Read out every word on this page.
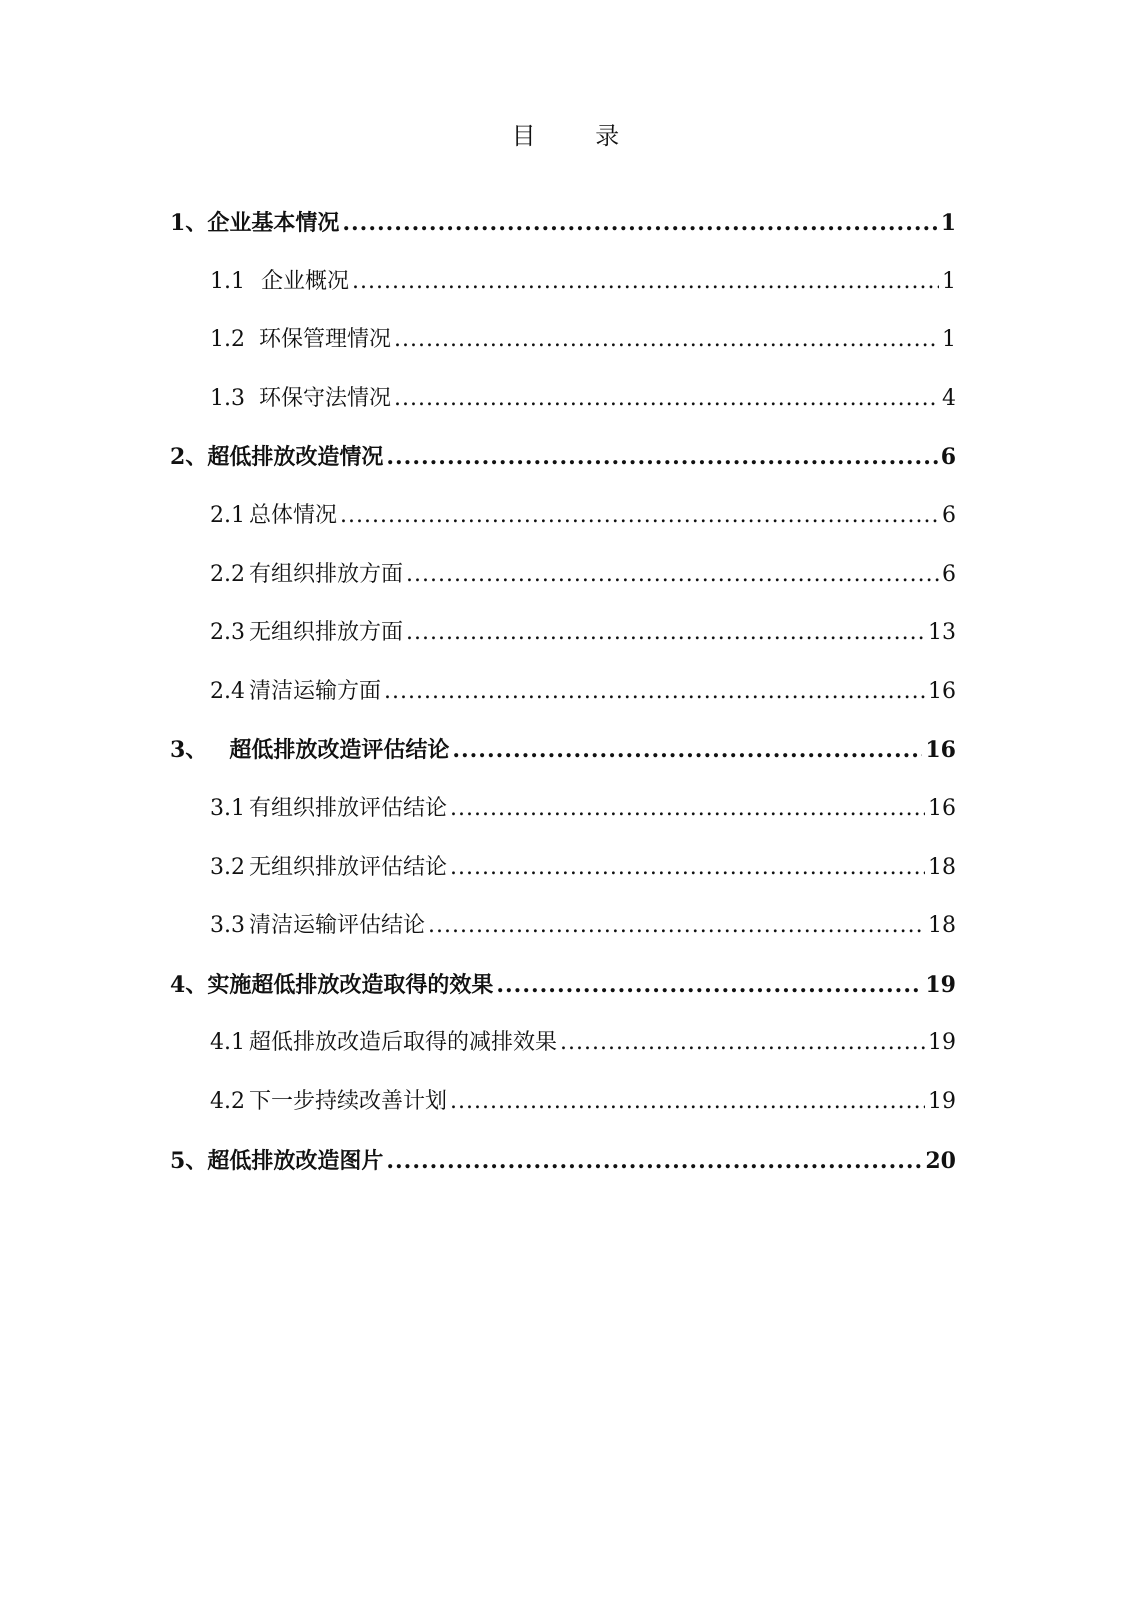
目 录
1 、 企业基本情况 .....	1
1.1 企业概况 .....	1
1.2 环保管理情况 .....	1
1.3 环保守法情况 .....	4
2 、 超低排放改造情况 .....	6
2.1 总体情况 .....	6
2.2 有组织排放方面 .....	6
2.3 无组织排放方面 .....	13
2.4 清洁运输方面 .....	16
3 、 超低排放改造评估结论 .....	16
3.1 有组织排放评估结论 .....	16
3.2 无组织排放评估结论 .....	18
3.3 清洁运输评估结论 .....	18
4 、 实施超低排放改造取得的效果 .....	19
4.1 超低排放改造后取得的减排效果 .....	19
4.2 下一步持续改善计划 .....	19
5 、 超低排放改造图片 .....	20
